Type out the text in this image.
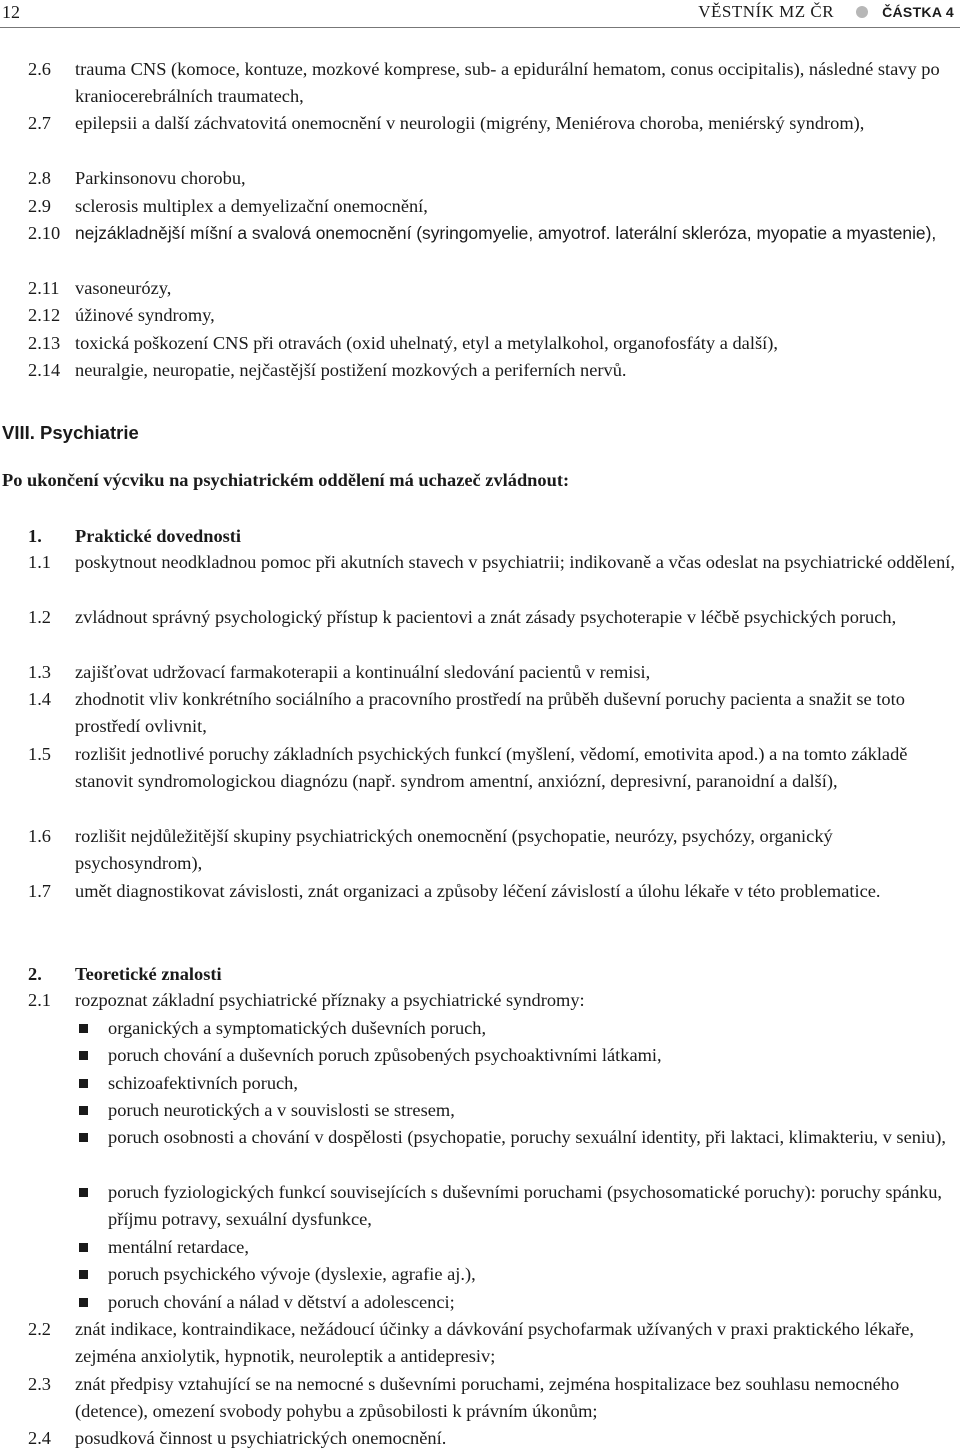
12	VĚSTNÍK MZ ČR	ČÁSTKA 4
2.6 trauma CNS (komoce, kontuze, mozkové komprese, sub- a epidurální hematom, conus occipitalis), následné stavy po kraniocerebrálních traumatech,
2.7 epilepsii a další záchvatovitá onemocnění v neurologii (migrény, Meniérova choroba, meniérský syndrom),
2.8 Parkinsonovu chorobu,
2.9 sclerosis multiplex a demyelizační onemocnění,
2.10 nejzákladnější míšní a svalová onemocnění (syringomyelie, amyotrof. laterální skleróza, myopatie a myastenie),
2.11 vasoneurózy,
2.12 úžinové syndromy,
2.13 toxická poškození CNS při otravách (oxid uhelnatý, etyl a metylalkohol, organofosfáty a další),
2.14 neuralgie, neuropatie, nejčastější postižení mozkových a periferních nervů.
VIII. Psychiatrie
Po ukončení výcviku na psychiatrickém oddělení má uchazeč zvládnout:
1. Praktické dovednosti
1.1 poskytnout neodkladnou pomoc při akutních stavech v psychiatrii; indikovaně a včas odeslat na psychiatrické oddělení,
1.2 zvládnout správný psychologický přístup k pacientovi a znát zásady psychoterapie v léčbě psychických poruch,
1.3 zajišťovat udržovací farmakoterapii a kontinuální sledování pacientů v remisi,
1.4 zhodnotit vliv konkrétního sociálního a pracovního prostředí na průběh duševní poruchy pacienta a snažit se toto prostředí ovlivnit,
1.5 rozlišit jednotlivé poruchy základních psychických funkcí (myšlení, vědomí, emotivita apod.) a na tomto základě stanovit syndromologickou diagnózu (např. syndrom amentní, anxiózní, depresivní, paranoidní a další),
1.6 rozlišit nejdůležitější skupiny psychiatrických onemocnění (psychopatie, neurózy, psychózy, organický psychosyndrom),
1.7 umět diagnostikovat závislosti, znát organizaci a způsoby léčení závislostí a úlohu lékaře v této problematice.
2. Teoretické znalosti
2.1 rozpoznat základní psychiatrické příznaky a psychiatrické syndromy:
organických a symptomatických duševních poruch,
poruch chování a duševních poruch způsobených psychoaktivními látkami,
schizoafektivních poruch,
poruch neurotických a v souvislosti se stresem,
poruch osobnosti a chování v dospělosti (psychopatie, poruchy sexuální identity, při laktaci, klimakteriu, v seniu),
poruch fyziologických funkcí souvisejících s duševními poruchami (psychosomatické poruchy): poruchy spánku, příjmu potravy, sexuální dysfunkce,
mentální retardace,
poruch psychického vývoje (dyslexie, agrafie aj.),
poruch chování a nálad v dětství a adolescenci;
2.2 znát indikace, kontraindikace, nežádoucí účinky a dávkování psychofarmak užívaných v praxi praktického lékaře, zejména anxiolytik, hypnotik, neuroleptik a antidepresiv;
2.3 znát předpisy vztahující se na nemocné s duševními poruchami, zejména hospitalizace bez souhlasu nemocného (detence), omezení svobody pohybu a způsobilosti k právním úkonům;
2.4 posudková činnost u psychiatrických onemocnění.
